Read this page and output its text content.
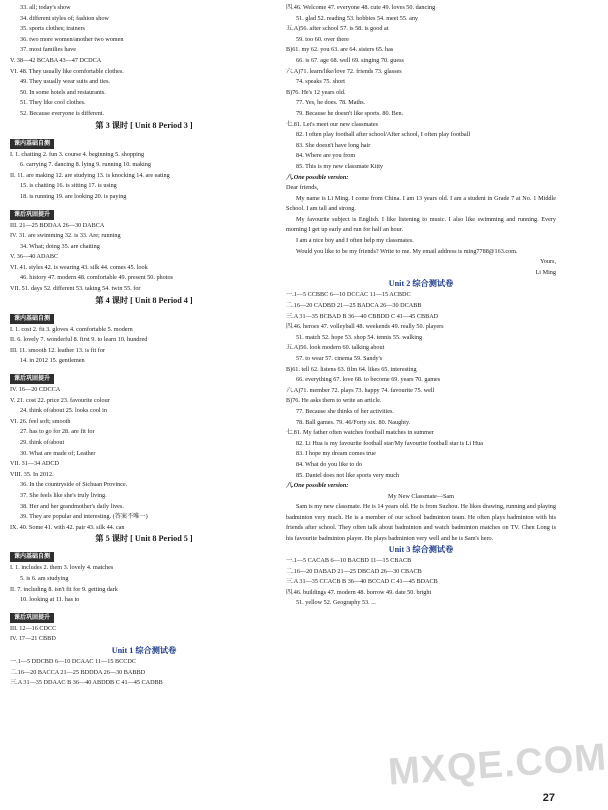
33. all; today's show
34. different styles of; fashion show
35. sports clothes; trainers
36. two more women/another two women
37. most families have
V. 38—42 BCABA 43—47 DCDCA
VI. 48. They usually like comfortable clothes.
49. They usually wear suits and ties.
50. In some hotels and restaurants.
51. They like cool clothes.
52. Because everyone is different.
第 3 课时 [ Unit 8 Period 3 ]
课内基础自测
I. 1. chatting 2. fun 3. course 4. beginning 5. shopping
6. carrying 7. dancing 8. lying 9. running 10. making
II. 11. are making 12. are studying 13. is knocking 14. are eating
15. is chatting 16. is sitting 17. is using
18. is running 19. are looking 20. is paying
课后巩固提升
III. 21—25 BDDAA 26—30 DABCA
IV. 31. are swimming 32. is 33. Are; running
34. What; doing 35. are chatting
V. 36—40 ADABC
VI. 41. styles 42. is wearing 43. silk 44. comes 45. look
46. history 47. modern 48. comfortable 49. present 50. photos
VII. 51. days 52. different 53. taking 54. twin 55. for
第 4 课时 [ Unit 8 Period 4 ]
课内基础自测
I. 1. cost 2. fit 3. gloves 4. comfortable 5. modern
II. 6. lovely 7. wonderful 8. first 9. to learn 10. hundred
III. 11. smooth 12. leather 13. is fit for
14. in 2012 15. gentlemen
课后巩固提升
IV. 16—20 CDCCA
V. 21. cost 22. price 23. favourite colour
24. think of/about 25. looks cool in
VI. 26. feel soft; smooth
27. has to go for 28. are fit for
29. think of/about
30. What are made of; Leather
VII. 31—34 ADCD
VIII. 35. In 2012.
36. In the countryside of Sichuan Province.
37. She feels like she's truly living.
38. Her and her grandmother's daily lives.
39. They are popular and interesting. (答案不唯一)
IX. 40. Some 41. with 42. pair 43. silk 44. can
第 5 课时 [ Unit 8 Period 5 ]
课内基础自测
I. 1. includes 2. them 3. lovely 4. matches
5. is 6. am studying
II. 7. including 8. isn't fit for 9. getting dark
10. looking at 11. has to
课后巩固提升
III. 12—16 CDCC
IV. 17—21 CBBD
Unit 1 综合测试卷
一.1—5 DDCBD 6—10 DCAAC 11—15 BCCDC
二.16—20 BACCA 21—25 BDDDA 26—30 BABBD
三.A 31—35 DDAAC B 36—40 ABDDB C 41—45 CADBB
四.46. Welcome 47. everyone 48. cute 49. loves 50. dancing
51. glad 52. reading 53. hobbies 54. meet 55. any
五.A)56. after school 57. is 58. is good at
59. too 60. over there
B)61. my 62. you 63. are 64. sisters 65. has
66. is 67. age 68. well 69. singing 70. guess
六.A)71. learn/like/love 72. friends 73. glasses
74. speaks 75. short
B)76. He's 12 years old.
77. Yes, he does. 78. Maths.
79. Because he doesn't like sports. 80. Ben.
七.81. Let's meet our new classmates
82. I often play football after school/After school, I often play football
83. She doesn't have long hair
84. Where are you from
85. This is my new classmate Kitty
八.One possible version:
Dear friends,
My name is Li Ming. I come from China. I am 13 years old. I am a student in Grade 7 at No. 1 Middle School. I am tall and strong.
My favourite subject is English. I like listening to music. I also like swimming and running. Every morning I get up early and run for half an hour.
I am a nice boy and I often help my classmates.
Would you like to be my friends? Write to me. My email address is ming7788@163.com.
Yours,
Li Ming
Unit 2 综合测试卷
一.1—5 CCBBC 6—10 DCCAC 11—15 ACBDC
二.16—20 CADBD 21—25 BADCA 26—30 DCABB
三.A 31—35 BCBAD B 36—40 CBBDD C 41—45 CBBAD
四.46. heroes 47. volleyball 48. weekends 49. really 50. players
51. match 52. hope 53. shop 54. tennis 55. walking
五.A)56. look modern 60. talking about
57. to wear 57. cinema 59. Sandy's
B)61. tell 62. listens 63. film 64. likes 65. interesting
66. everything 67. love 68. to become 69. years 70. games
六.A)71. member 72. plays 73. happy 74. favourite 75. well
B)76. He asks them to write an article.
77. Because she thinks of her activities.
78. Ball games. 79. 46/Forty six. 80. Naughty.
七.81. My father often watches football matches in summer
82. Li Hua is my favourite football star/My favourite football star is Li Hua
83. I hope my dream comes true
84. What do you like to do
85. Daniel does not like sports very much
八.One possible version:
My New Classmate—Sam
Sam is my new classmate. He is 14 years old. He is from Suzhou. He likes drawing, running and playing badminton very much. He is a member of our school badminton team. He often plays badminton with his friends after school. They often talk about badminton and watch badminton matches on TV. Chen Long is his favourite badminton player. He plays badminton very well and he is Sam's hero.
Unit 3 综合测试卷
一.1—5 CACAB 6—10 BACBD 11—15 CBACB
二.16—20 DABAD 21—25 DBCAD 26—30 CBACB
三.A 31—35 CCACB B 36—40 BCCAD C 41—45 BDACB
四.46. buildings 47. modern 48. borrow 49. date 50. bright
51. yellow 52. Geography 53. ...
MXQE.COM
27
